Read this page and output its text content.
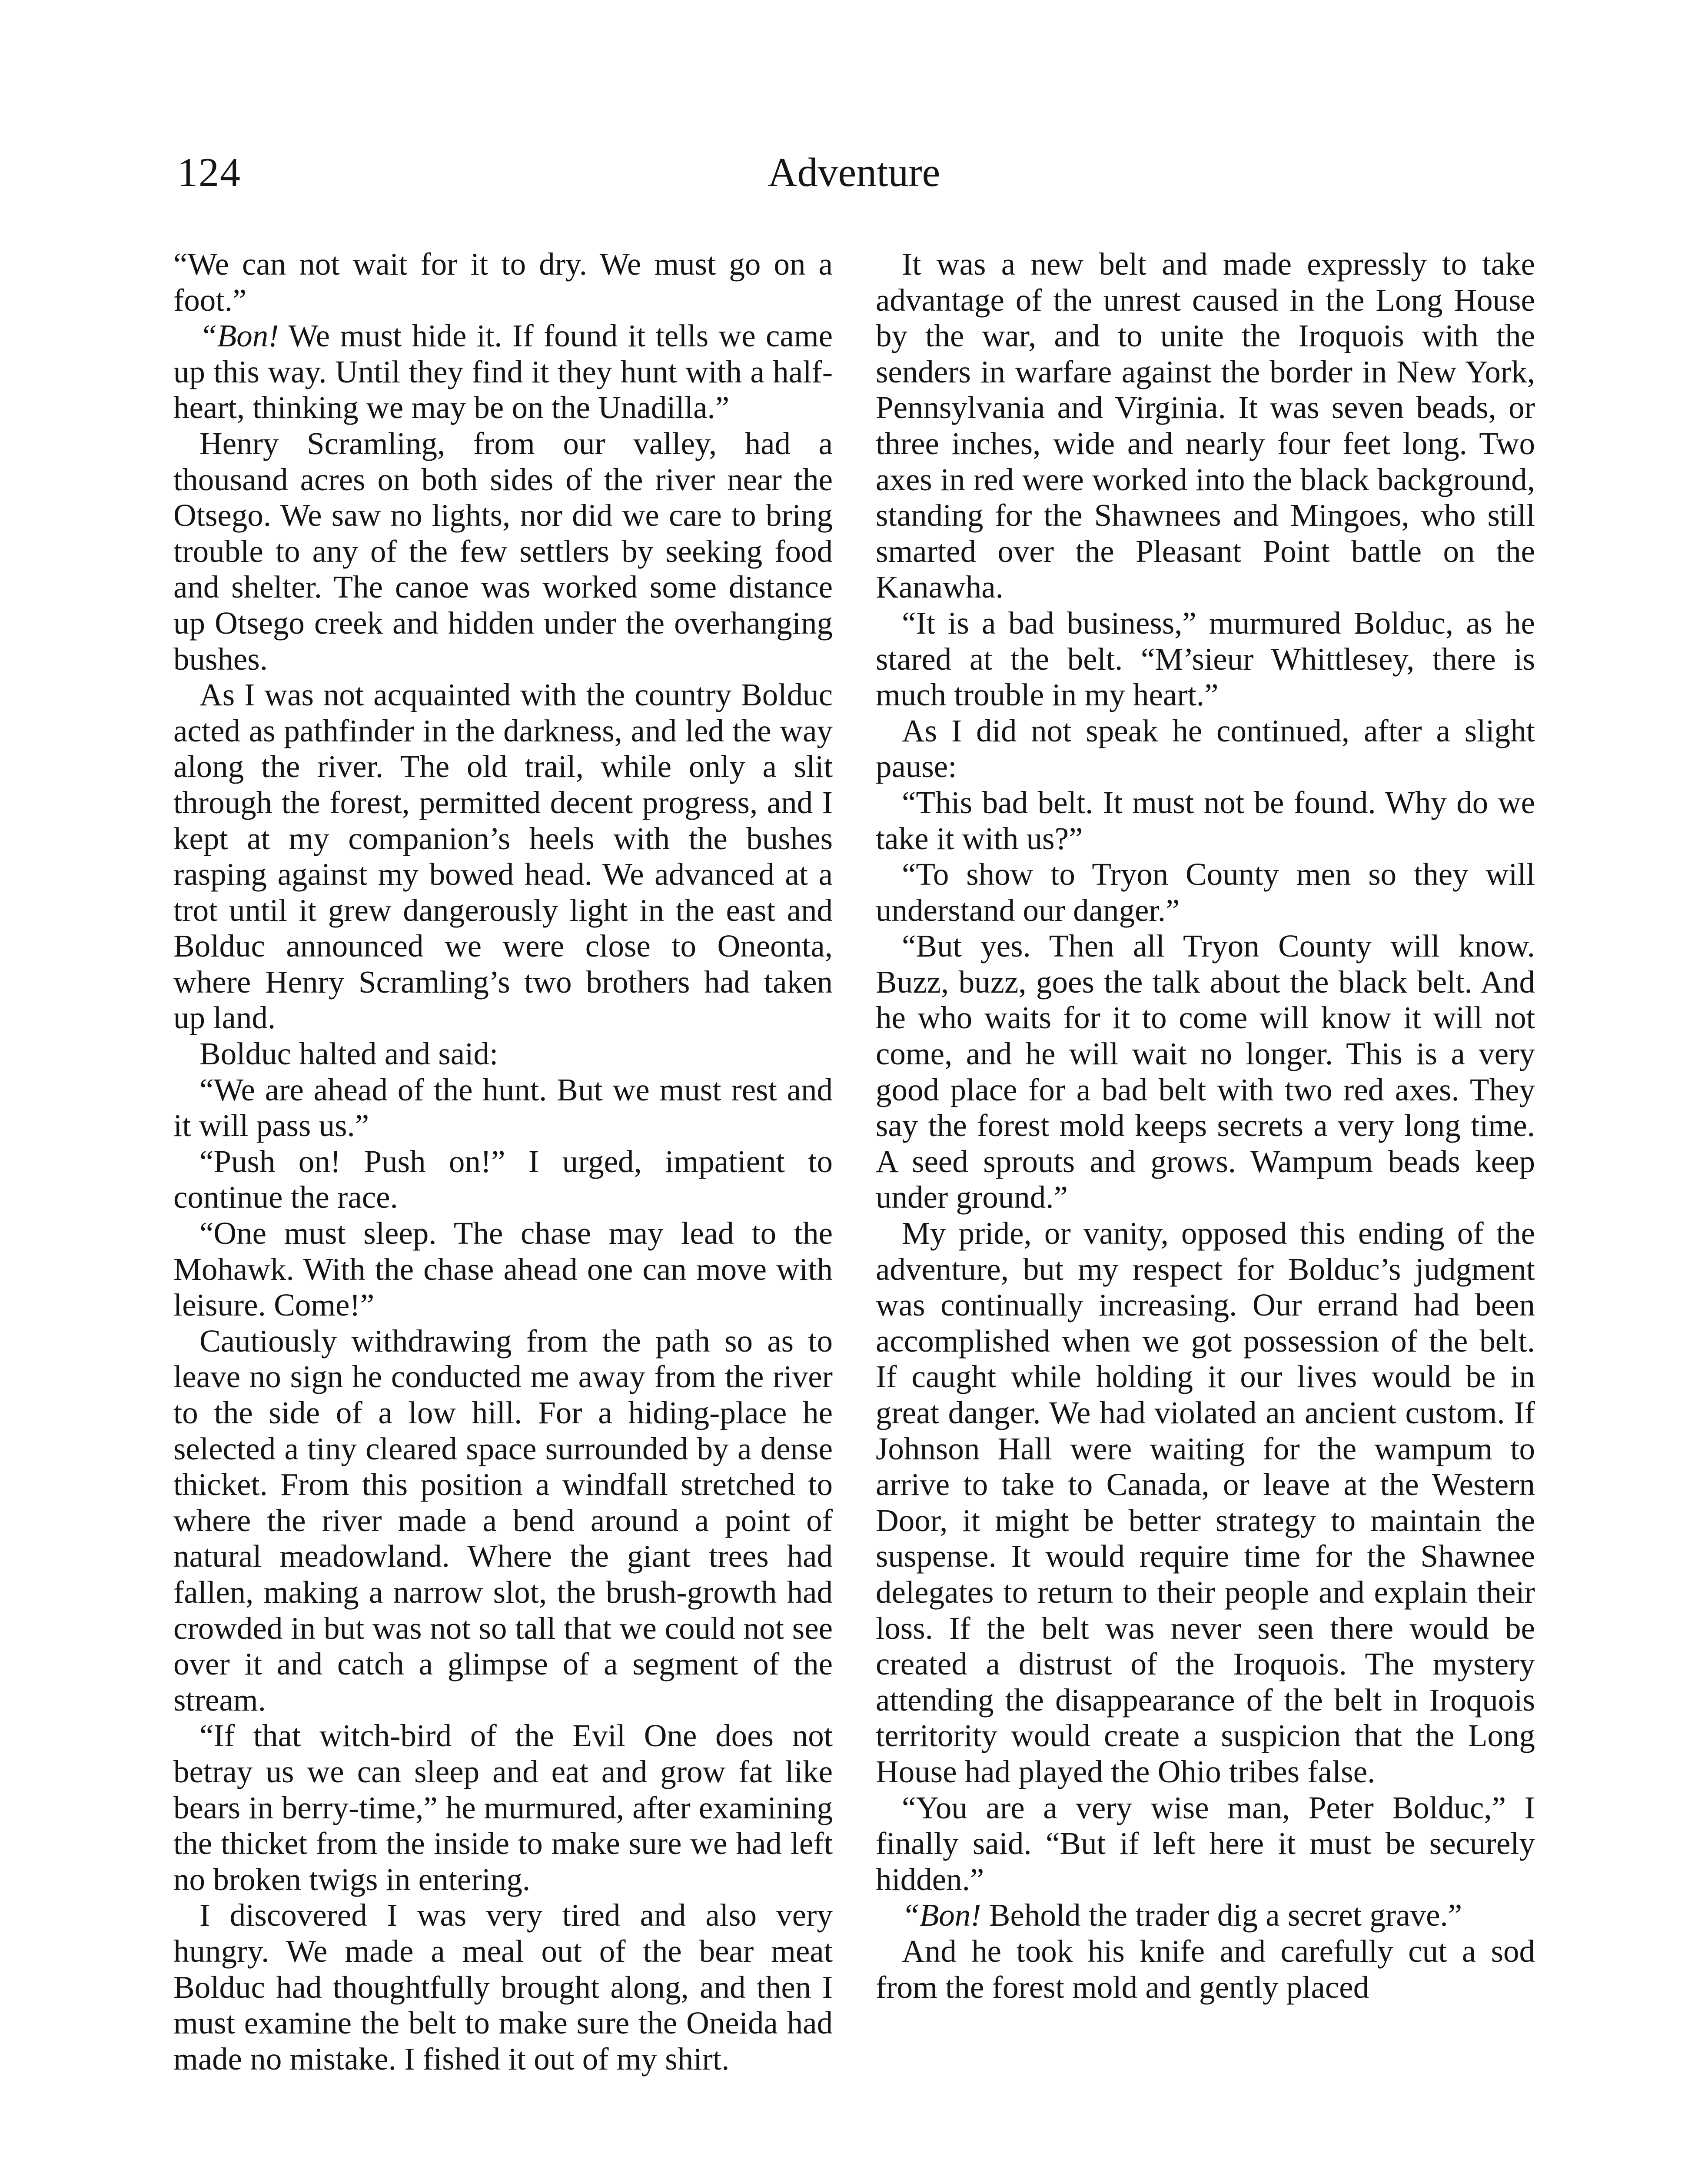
124	Adventure

“We can not wait for it to dry. We must go on a foot.”

“Bon! We must hide it. If found it tells we came up this way. Until they find it they hunt with a half-heart, thinking we may be on the Unadilla.”

Henry Scramling, from our valley, had a thousand acres on both sides of the river near the Otsego. We saw no lights, nor did we care to bring trouble to any of the few settlers by seeking food and shelter. The canoe was worked some distance up Otsego creek and hidden under the overhanging bushes.

As I was not acquainted with the country Bolduc acted as pathfinder in the darkness, and led the way along the river. The old trail, while only a slit through the forest, permitted decent progress, and I kept at my companion’s heels with the bushes rasping against my bowed head. We advanced at a trot until it grew dangerously light in the east and Bolduc announced we were close to Oneonta, where Henry Scramling’s two brothers had taken up land.

Bolduc halted and said:

“We are ahead of the hunt. But we must rest and it will pass us.”

“Push on! Push on!” I urged, impatient to continue the race.

“One must sleep. The chase may lead to the Mohawk. With the chase ahead one can move with leisure. Come!”

Cautiously withdrawing from the path so as to leave no sign he conducted me away from the river to the side of a low hill. For a hiding-place he selected a tiny cleared space surrounded by a dense thicket. From this position a windfall stretched to where the river made a bend around a point of natural meadowland. Where the giant trees had fallen, making a narrow slot, the brush-growth had crowded in but was not so tall that we could not see over it and catch a glimpse of a segment of the stream.

“If that witch-bird of the Evil One does not betray us we can sleep and eat and grow fat like bears in berry-time,” he murmured, after examining the thicket from the inside to make sure we had left no broken twigs in entering.

I discovered I was very tired and also very hungry. We made a meal out of the bear meat Bolduc had thoughtfully brought along, and then I must examine the belt to make sure the Oneida had made no mistake. I fished it out of my shirt.

It was a new belt and made expressly to take advantage of the unrest caused in the Long House by the war, and to unite the Iroquois with the senders in warfare against the border in New York, Pennsylvania and Virginia. It was seven beads, or three inches, wide and nearly four feet long. Two axes in red were worked into the black background, standing for the Shawnees and Mingoes, who still smarted over the Pleasant Point battle on the Kanawha.

“It is a bad business,” murmured Bolduc, as he stared at the belt. “M’sieur Whittlesey, there is much trouble in my heart.”

As I did not speak he continued, after a slight pause:

“This bad belt. It must not be found. Why do we take it with us?”

“To show to Tryon County men so they will understand our danger.”

“But yes. Then all Tryon County will know. Buzz, buzz, goes the talk about the black belt. And he who waits for it to come will know it will not come, and he will wait no longer. This is a very good place for a bad belt with two red axes. They say the forest mold keeps secrets a very long time. A seed sprouts and grows. Wampum beads keep under ground.”

My pride, or vanity, opposed this ending of the adventure, but my respect for Bolduc’s judgment was continually increasing. Our errand had been accomplished when we got possession of the belt. If caught while holding it our lives would be in great danger. We had violated an ancient custom. If Johnson Hall were waiting for the wampum to arrive to take to Canada, or leave at the Western Door, it might be better strategy to maintain the suspense. It would require time for the Shawnee delegates to return to their people and explain their loss. If the belt was never seen there would be created a distrust of the Iroquois. The mystery attending the disappearance of the belt in Iroquois territority would create a suspicion that the Long House had played the Ohio tribes false.

“You are a very wise man, Peter Bolduc,” I finally said. “But if left here it must be securely hidden.”

“Bon! Behold the trader dig a secret grave.”

And he took his knife and carefully cut a sod from the forest mold and gently placed
